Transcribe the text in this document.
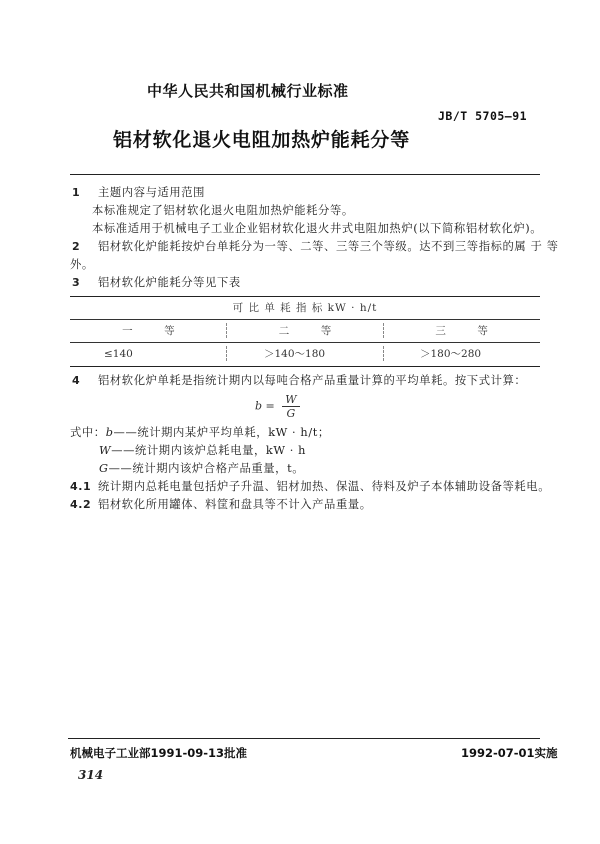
中华人民共和国机械行业标准
JB/T 5705—91
铝材软化退火电阻加热炉能耗分等
1 主题内容与适用范围
本标准规定了铝材软化退火电阻加热炉能耗分等。
本标准适用于机械电子工业企业铝材软化退火井式电阻加热炉(以下简称铝材软化炉)。
2 铝材软化炉能耗按炉台单耗分为一等、二等、三等三个等级。达不到三等指标的属 于 等
外。
3 铝材软化炉能耗分等见下表
可 比 单 耗 指 标 kW · h/t
一　　　等	二　　　等	三　　　等
≤140	＞140～180	＞180～280
4 铝材软化炉单耗是指统计期内以每吨合格产品重量计算的平均单耗。按下式计算：
$b = \frac{W}{G}$
式中：b——统计期内某炉平均单耗，kW · h/t；
W——统计期内该炉总耗电量，kW · h
G——统计期内该炉合格产品重量，t。
4.1 统计期内总耗电量包括炉子升温、铝材加热、保温、待料及炉子本体辅助设备等耗电。
4.2 铝材软化所用罐体、料筐和盘具等不计入产品重量。
机械电子工业部1991-09-13批准	1992-07-01实施
314
